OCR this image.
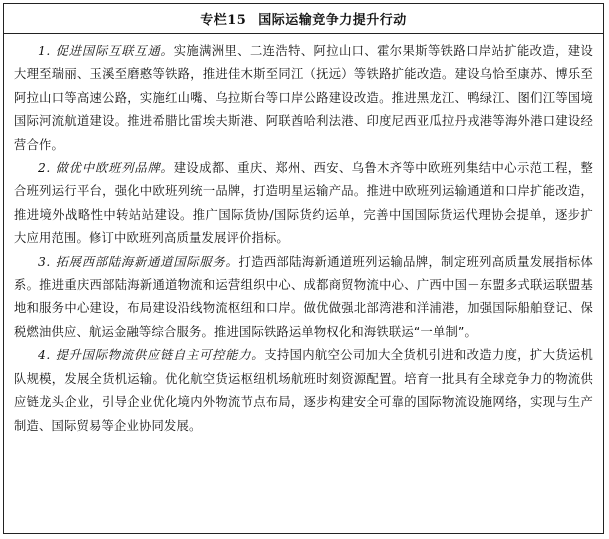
专栏15 国际运输竞争力提升行动

1. 促进国际互联互通。实施满洲里、二连浩特、阿拉山口、霍尔果斯等铁路口岸站扩能改造，建设大理至瑞丽、玉溪至磨憨等铁路，推进佳木斯至同江（抚远）等铁路扩能改造。建设乌恰至康苏、博乐至阿拉山口等高速公路，实施红山嘴、乌拉斯台等口岸公路建设改造。推进黑龙江、鸭绿江、图们江等国境国际河流航道建设。推进希腊比雷埃夫斯港、阿联酋哈利法港、印度尼西亚瓜拉丹戎港等海外港口建设经营合作。

2. 做优中欧班列品牌。建设成都、重庆、郑州、西安、乌鲁木齐等中欧班列集结中心示范工程，整合班列运行平台，强化中欧班列统一品牌，打造明星运输产品。推进中欧班列运输通道和口岸扩能改造，推进境外战略性中转站站建设。推广国际货协/国际货约运单，完善中国国际货运代理协会提单，逐步扩大应用范围。修订中欧班列高质量发展评价指标。

3. 拓展西部陆海新通道国际服务。打造西部陆海新通道班列运输品牌，制定班列高质量发展指标体系。推进重庆西部陆海新通道物流和运营组织中心、成都商贸物流中心、广西中国－东盟多式联运联盟基地和服务中心建设，布局建设沿线物流枢纽和口岸。做优做强北部湾港和洋浦港，加强国际船舶登记、保税燃油供应、航运金融等综合服务。推进国际铁路运单物权化和海铁联运“一单制”。

4. 提升国际物流供应链自主可控能力。支持国内航空公司加大全货机引进和改造力度，扩大货运机队规模，发展全货机运输。优化航空货运枢纽机场航班时刻资源配置。培育一批具有全球竞争力的物流供应链龙头企业，引导企业优化境内外物流节点布局，逐步构建安全可靠的国际物流设施网络，实现与生产制造、国际贸易等企业协同发展。
